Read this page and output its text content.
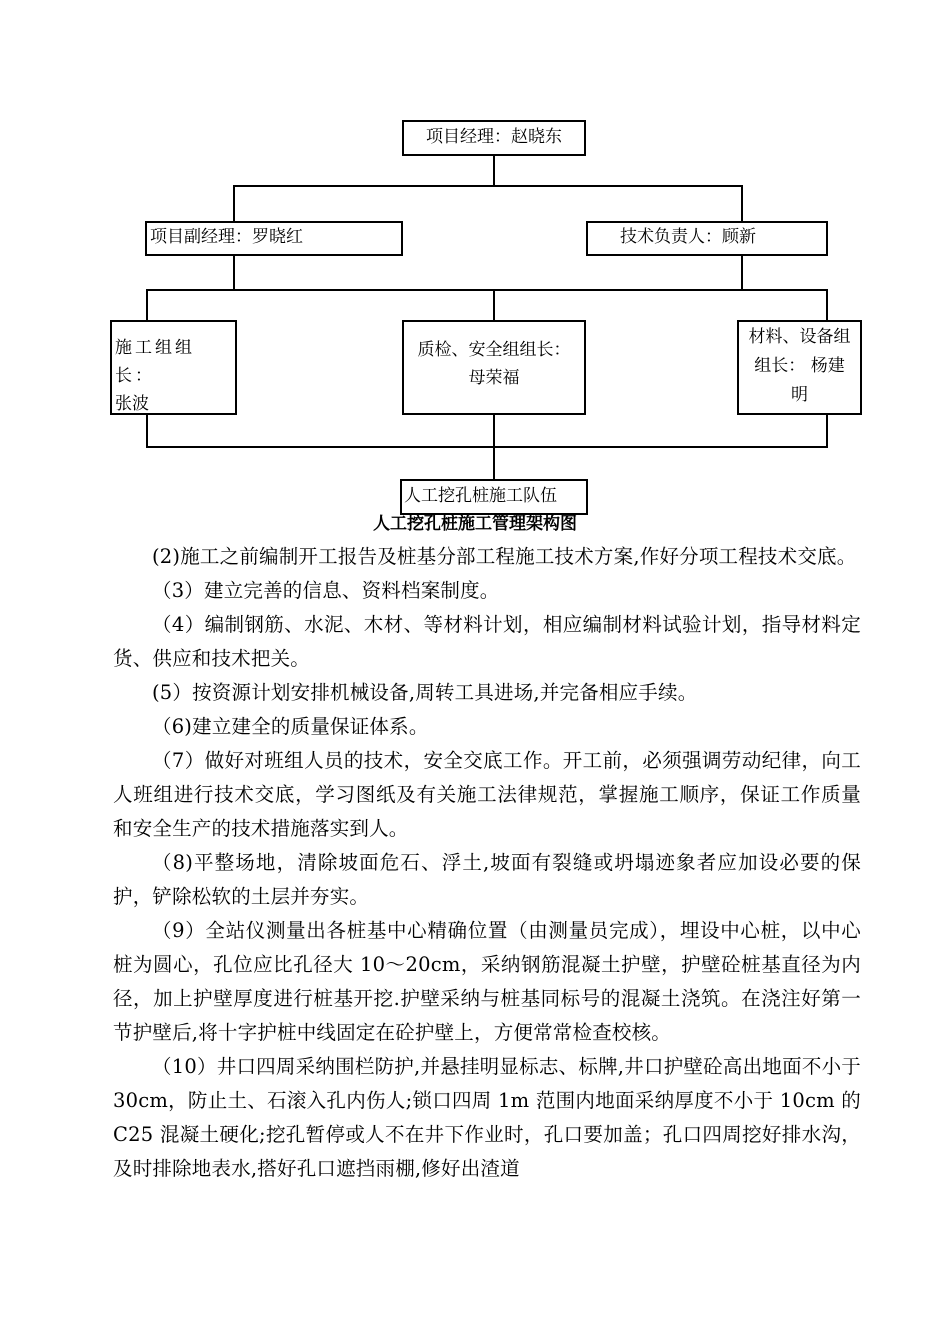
项目经理：赵晓东
项目副经理：罗晓红	技术负责人：顾新
施工组组长：
张波
质检、安全组组长：
母荣福
材料、设备组
组长： 杨建
明
人工挖孔桩施工队伍
人工挖孔桩施工管理架构图

(2)施工之前编制开工报告及桩基分部工程施工技术方案,作好分项工程技术交底。

（3）建立完善的信息、资料档案制度。

（4）编制钢筋、水泥、木材、等材料计划，相应编制材料试验计划，指导材料定货、供应和技术把关。

(5）按资源计划安排机械设备,周转工具进场,并完备相应手续。

（6)建立建全的质量保证体系。

（7）做好对班组人员的技术，安全交底工作。开工前，必须强调劳动纪律，向工人班组进行技术交底，学习图纸及有关施工法律规范，掌握施工顺序，保证工作质量和安全生产的技术措施落实到人。

（8)平整场地，清除坡面危石、浮土,坡面有裂缝或坍塌迹象者应加设必要的保护，铲除松软的土层并夯实。

（9）全站仪测量出各桩基中心精确位置（由测量员完成），埋设中心桩，以中心桩为圆心，孔位应比孔径大 10～20cm，采纳钢筋混凝土护壁，护壁砼桩基直径为内径，加上护壁厚度进行桩基开挖.护壁采纳与桩基同标号的混凝土浇筑。在浇注好第一节护壁后,将十字护桩中线固定在砼护壁上，方便常常检查校核。

（10）井口四周采纳围栏防护,并悬挂明显标志、标牌,井口护壁砼高出地面不小于 30cm，防止土、石滚入孔内伤人;锁口四周 1m 范围内地面采纳厚度不小于 10cm 的 C25 混凝土硬化;挖孔暂停或人不在井下作业时，孔口要加盖；孔口四周挖好排水沟，及时排除地表水,搭好孔口遮挡雨棚,修好出渣道
